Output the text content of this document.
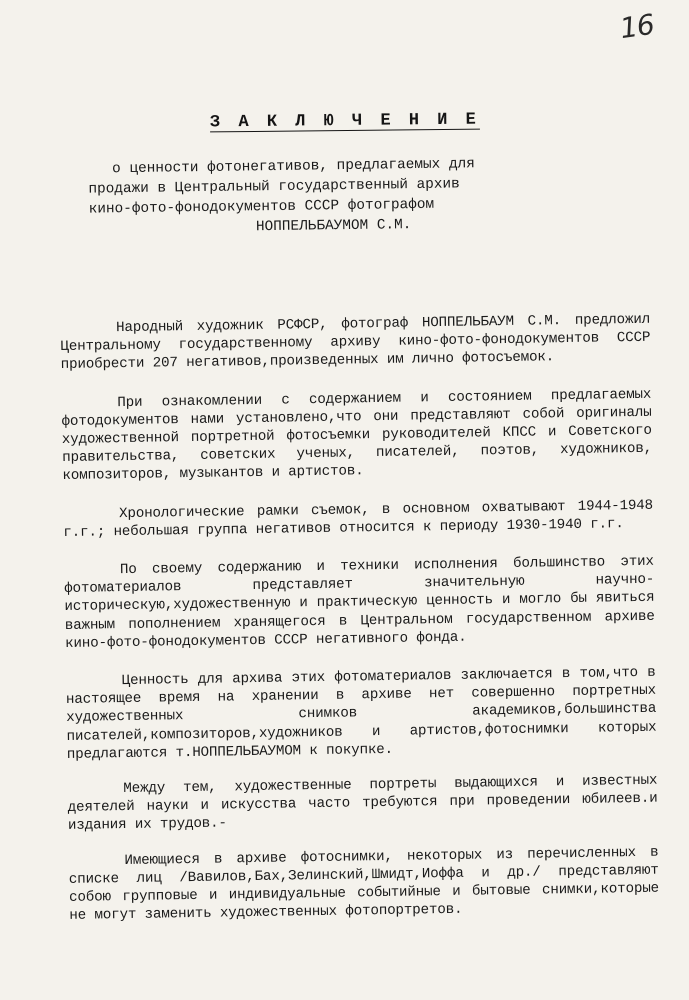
16
З А К Л Ю Ч Е Н И Е
о ценности фотонегативов, предлагаемых для
продажи в Центральный государственный архив
кино-фото-фонодокументов СССР фотографом
НОППЕЛЬБАУМОМ С.М.

Народный художник РСФСР, фотограф НОППЕЛЬБАУМ С.М. предложил Центральному государственному архиву кино-фото-фонодокументов СССР приобрести 207 негативов,произведенных им лично фотосъемок.

При ознакомлении с содержанием и состоянием предлагаемых фотодокументов нами установлено,что они представляют собой оригиналы художественной портретной фотосъемки руководителей КПСС и Советского правительства, советских ученых, писателей, поэтов, художников, композиторов, музыкантов и артистов.

Хронологические рамки съемок, в основном охватывают 1944-1948 г.г.; небольшая группа негативов относится к периоду 1930-1940 г.г.

По своему содержанию и техники исполнения большинство этих фотоматериалов представляет значительную научно-историческую,художественную и практическую ценность и могло бы явиться важным пополнением хранящегося в Центральном государственном архиве кино-фото-фонодокументов СССР негативного фонда.

Ценность для архива этих фотоматериалов заключается в том,что в настоящее время на хранении в архиве нет совершенно портретных художественных снимков академиков,большинства писателей,композиторов,художников и артистов,фотоснимки которых предлагаются т.НОППЕЛЬБАУМОМ к покупке.

Между тем, художественные портреты выдающихся и известных деятелей науки и искусства часто требуются при проведении юбилеев.и издания их трудов.-

Имеющиеся в архиве фотоснимки, некоторых из перечисленных в списке лиц /Вавилов,Бах,Зелинский,Шмидт,Иоффа и др./ представляют собою групповые и индивидуальные событийные и бытовые снимки,которые не могут заменить художественных фотопортретов.
